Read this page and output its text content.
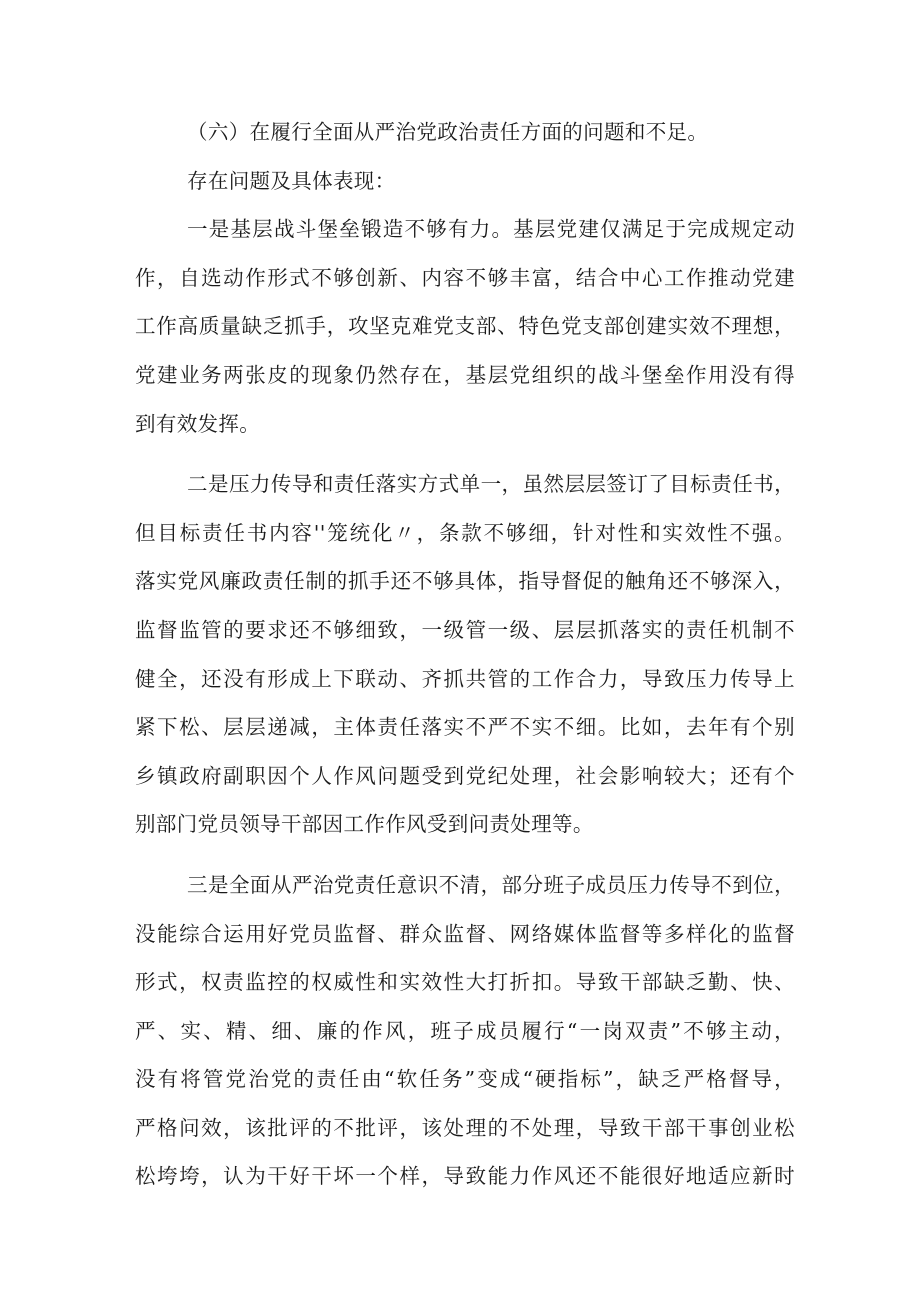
（六）在履行全面从严治党政治责任方面的问题和不足。
存在问题及具体表现：
一是基层战斗堡垒锻造不够有力。基层党建仅满足于完成规定动
作，自选动作形式不够创新、内容不够丰富，结合中心工作推动党建
工作高质量缺乏抓手，攻坚克难党支部、特色党支部创建实效不理想，
党建业务两张皮的现象仍然存在，基层党组织的战斗堡垒作用没有得
到有效发挥。
二是压力传导和责任落实方式单一，虽然层层签订了目标责任书，
但目标责任书内容''笼统化〃，条款不够细，针对性和实效性不强。
落实党风廉政责任制的抓手还不够具体，指导督促的触角还不够深入，
监督监管的要求还不够细致，一级管一级、层层抓落实的责任机制不
健全，还没有形成上下联动、齐抓共管的工作合力，导致压力传导上
紧下松、层层递减，主体责任落实不严不实不细。比如，去年有个别
乡镇政府副职因个人作风问题受到党纪处理，社会影响较大；还有个
别部门党员领导干部因工作作风受到问责处理等。
三是全面从严治党责任意识不清，部分班子成员压力传导不到位，
没能综合运用好党员监督、群众监督、网络媒体监督等多样化的监督
形式，权责监控的权威性和实效性大打折扣。导致干部缺乏勤、快、
严、实、精、细、廉的作风，班子成员履行“一岗双责”不够主动，
没有将管党治党的责任由“软任务”变成“硬指标”，缺乏严格督导，
严格问效，该批评的不批评，该处理的不处理，导致干部干事创业松
松垮垮，认为干好干坏一个样，导致能力作风还不能很好地适应新时
